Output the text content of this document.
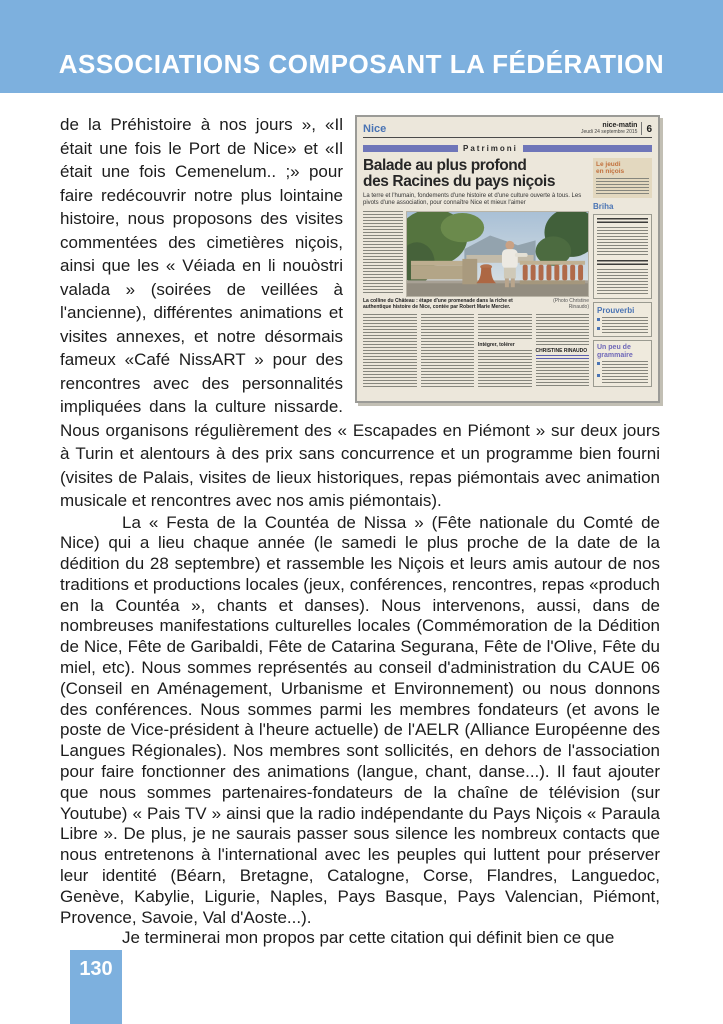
ASSOCIATIONS COMPOSANT LA FÉDÉRATION
Nice	nice-matin
Jeudi 24 septembre 2015 6
Patrimoni
Balade au plus profond
des Racines du pays niçois
La terre et l'humain, fondements d'une histoire et d'une culture ouverte à tous. Les pivots d'une association, pour connaître Nice et mieux l'aimer
La colline du Château : étape d'une promenade dans la riche et authentique histoire de Nice, contée par Robert Marie Mercier.
(Photo Christine Rinaudo)
Intégrer, tolérer
CHRISTINE RINAUDO
Le jeudi
en niçois
Briha
Prouverbi
Un peu de
grammaire

de la Préhistoire à nos jours », «Il était une fois le Port de Nice» et «Il était une fois Cemenelum.. ;» pour faire redécouvrir notre plus lointaine histoire, nous proposons des visites commentées des cimetières niçois, ainsi que les « Véiada en li nouòstri valada » (soirées de veillées à l'ancienne), différentes animations et visites annexes, et notre désormais fameux «Café NissART » pour des rencontres avec des personnalités impliquées dans la culture nissarde. Nous organisons régulièrement des « Escapades en Piémont » sur deux jours à Turin et alentours à des prix sans concurrence et un programme bien fourni (visites de Palais, visites de lieux historiques, repas piémontais avec animation musicale et rencontres avec nos amis piémontais).

La « Festa de la Countéa de Nissa » (Fête nationale du Comté de Nice) qui a lieu chaque année (le samedi le plus proche de la date de la dédition du 28 septembre) et rassemble les Niçois et leurs amis autour de nos traditions et productions locales (jeux, conférences, rencontres, repas «produch en la Countéa », chants et danses). Nous intervenons, aussi, dans de nombreuses manifestations culturelles locales (Commémoration de la Dédition de Nice, Fête de Garibaldi, Fête de Catarina Segurana, Fête de l'Olive, Fête du miel, etc). Nous sommes représentés au conseil d'administration du CAUE 06 (Conseil en Aménagement, Urbanisme et Environnement) ou nous donnons des conférences. Nous sommes parmi les membres fondateurs (et avons le poste de Vice-président à l'heure actuelle) de l'AELR (Alliance Européenne des Langues Régionales). Nos membres sont sollicités, en dehors de l'association pour faire fonctionner des animations (langue, chant, danse...). Il faut ajouter que nous sommes partenaires-fondateurs de la chaîne de télévision (sur Youtube) « Pais TV » ainsi que la radio indépendante du Pays Niçois « Paraula Libre ». De plus, je ne saurais passer sous silence les nombreux contacts que nous entretenons à l'international avec les peuples qui luttent pour préserver leur identité (Béarn, Bretagne, Catalogne, Corse, Flandres, Languedoc, Genève, Kabylie, Ligurie, Naples, Pays Basque, Pays Valencian, Piémont, Provence, Savoie, Val d'Aoste...).

Je terminerai mon propos par cette citation qui définit bien ce que

130
